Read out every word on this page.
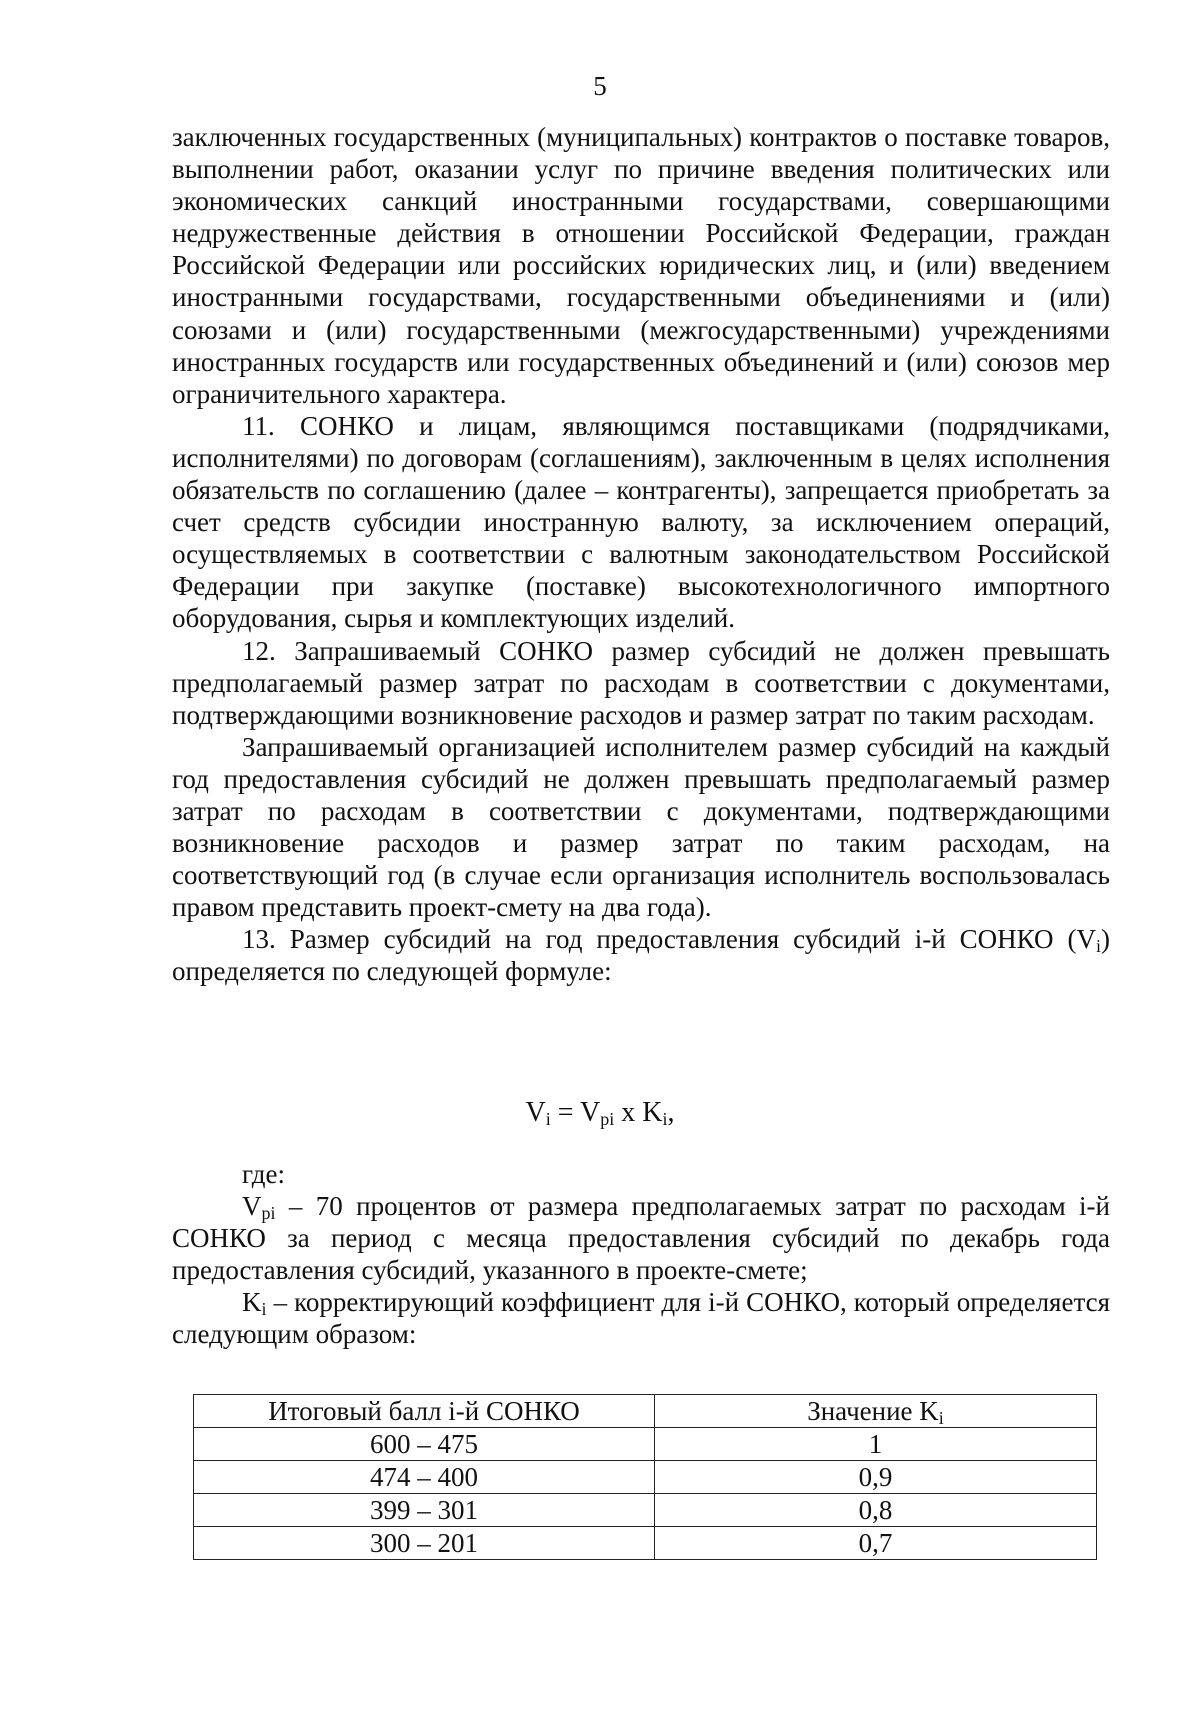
5

заключенных государственных (муниципальных) контрактов о поставке товаров, выполнении работ, оказании услуг по причине введения политических или экономических санкций иностранными государствами, совершающими недружественные действия в отношении Российской Федерации, граждан Российской Федерации или российских юридических лиц, и (или) введением иностранными государствами, государственными объединениями и (или) союзами и (или) государственными (межгосударственными) учреждениями иностранных государств или государственных объединений и (или) союзов мер ограничительного характера.

11. СОНКО и лицам, являющимся поставщиками (подрядчиками, исполнителями) по договорам (соглашениям), заключенным в целях исполнения обязательств по соглашению (далее – контрагенты), запрещается приобретать за счет средств субсидии иностранную валюту, за исключением операций, осуществляемых в соответствии с валютным законодательством Российской Федерации при закупке (поставке) высокотехнологичного импортного оборудования, сырья и комплектующих изделий.

12. Запрашиваемый СОНКО размер субсидий не должен превышать предполагаемый размер затрат по расходам в соответствии с документами, подтверждающими возникновение расходов и размер затрат по таким расходам.

Запрашиваемый организацией исполнителем размер субсидий на каждый год предоставления субсидий не должен превышать предполагаемый размер затрат по расходам в соответствии с документами, подтверждающими возникновение расходов и размер затрат по таким расходам, на соответствующий год (в случае если организация исполнитель воспользовалась правом представить проект-смету на два года).

13. Размер субсидий на год предоставления субсидий i-й СОНКО $(V_i)$ определяется по следующей формуле:

$V_i = V_{pi}$ x $K_i$,

где:

$V_{pi} - 70$ процентов от размера предполагаемых затрат по расходам i-й СОНКО за период с месяца предоставления субсидий по декабрь года предоставления субсидий, указанного в проекте-смете;

$K_i$ – корректирующий коэффициент для i-й СОНКО, который определяется следующим образом:

Итоговый балл i-й СОНКО	Значение $K_i$
600 – 475	1
474 – 400	0,9
399 – 301	0,8
300 – 201	0,7
